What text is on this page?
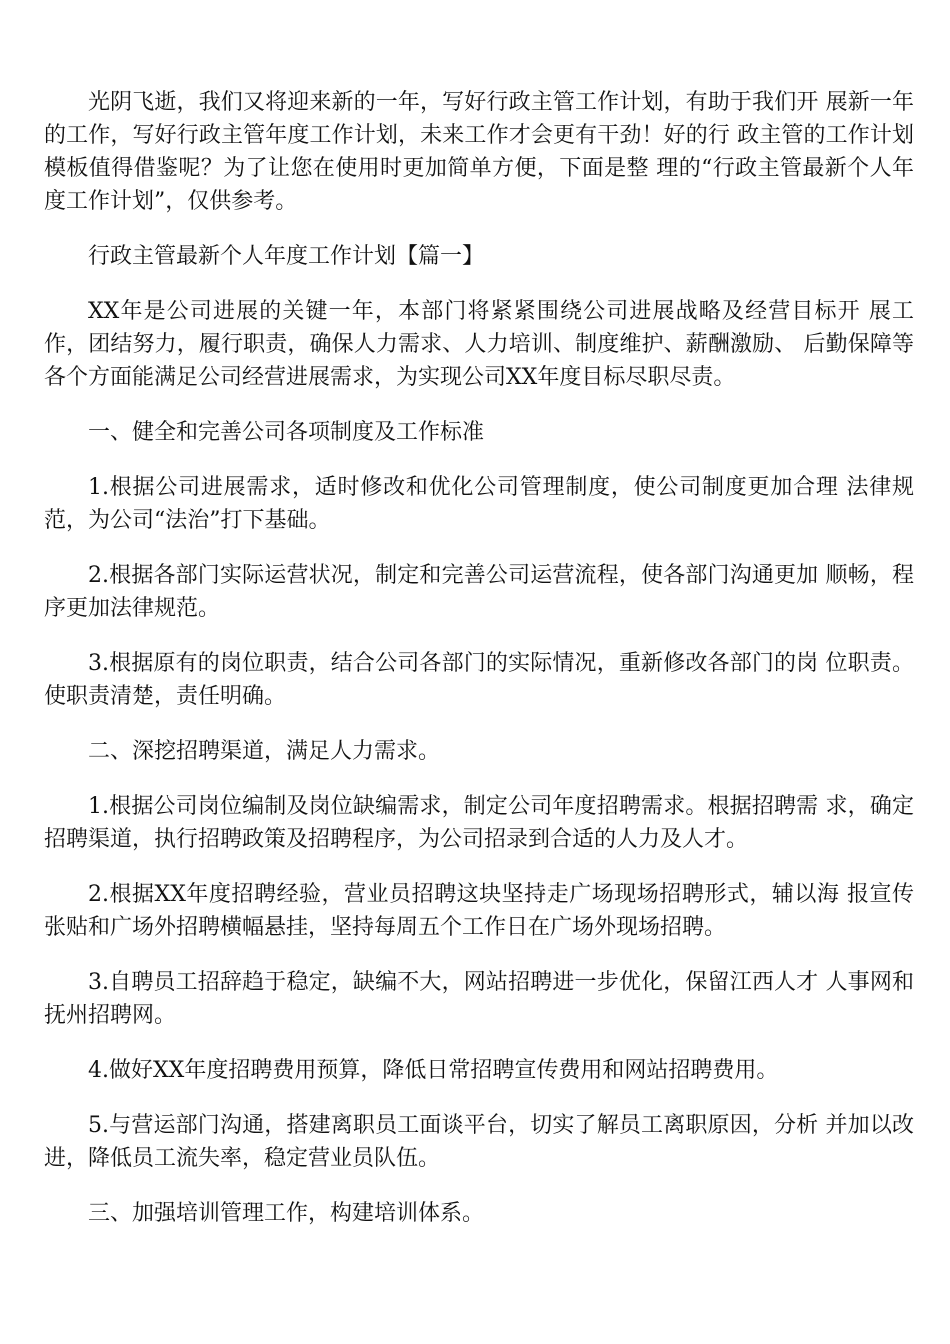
光阴飞逝，我们又将迎来新的一年，写好行政主管工作计划，有助于我们开 展新一年的工作，写好行政主管年度工作计划，未来工作才会更有干劲！好的行 政主管的工作计划模板值得借鉴呢？为了让您在使用时更加简单方便，下面是整 理的“行政主管最新个人年度工作计划”，仅供参考。

行政主管最新个人年度工作计划【篇一】

XX年是公司进展的关键一年，本部门将紧紧围绕公司进展战略及经营目标开 展工作，团结努力，履行职责，确保人力需求、人力培训、制度维护、薪酬激励、 后勤保障等各个方面能满足公司经营进展需求，为实现公司XX年度目标尽职尽责。

一、健全和完善公司各项制度及工作标准

1.根据公司进展需求，适时修改和优化公司管理制度，使公司制度更加合理 法律规范，为公司“法治”打下基础。

2.根据各部门实际运营状况，制定和完善公司运营流程，使各部门沟通更加 顺畅，程序更加法律规范。

3.根据原有的岗位职责，结合公司各部门的实际情况，重新修改各部门的岗 位职责。使职责清楚，责任明确。

二、深挖招聘渠道，满足人力需求。

1.根据公司岗位编制及岗位缺编需求，制定公司年度招聘需求。根据招聘需 求，确定招聘渠道，执行招聘政策及招聘程序，为公司招录到合适的人力及人才。

2.根据XX年度招聘经验，营业员招聘这块坚持走广场现场招聘形式，辅以海 报宣传张贴和广场外招聘横幅悬挂，坚持每周五个工作日在广场外现场招聘。

3.自聘员工招辞趋于稳定，缺编不大，网站招聘进一步优化，保留江西人才 人事网和抚州招聘网。

4.做好XX年度招聘费用预算，降低日常招聘宣传费用和网站招聘费用。

5.与营运部门沟通，搭建离职员工面谈平台，切实了解员工离职原因，分析 并加以改进，降低员工流失率，稳定营业员队伍。

三、加强培训管理工作，构建培训体系。
